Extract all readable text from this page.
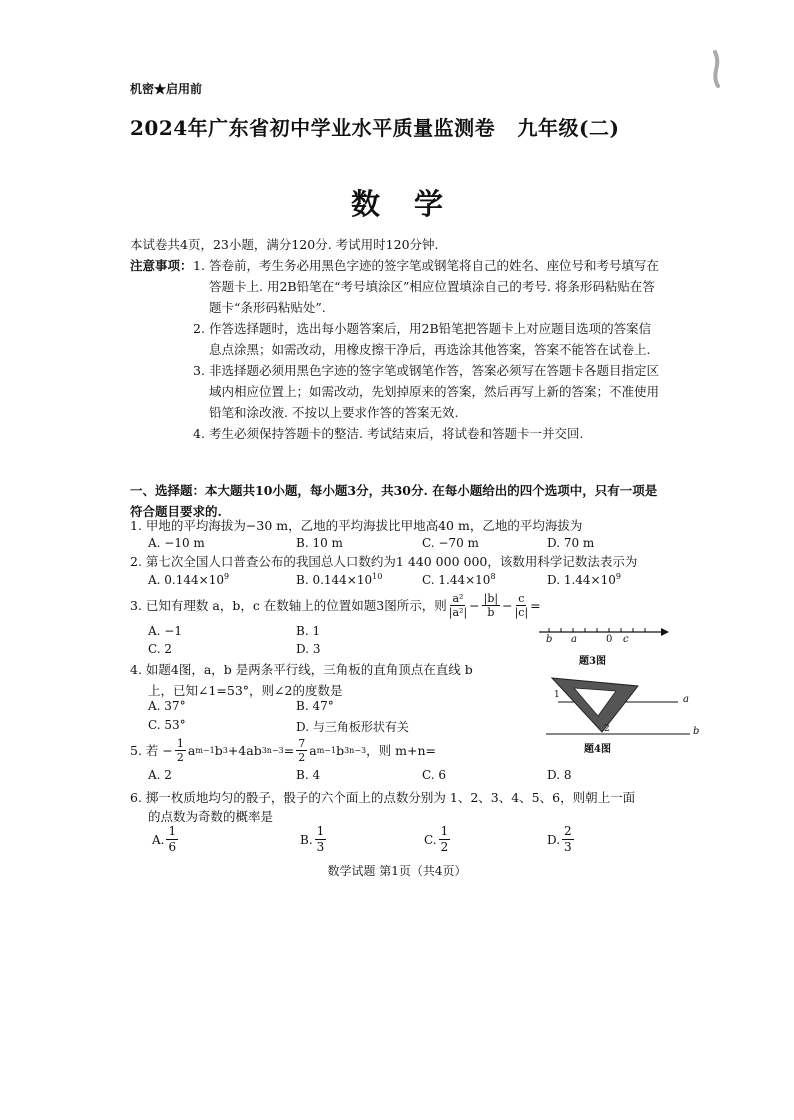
机密★启用前
2024年广东省初中学业水平质量监测卷   九年级(二)
数学
本试卷共4页，23小题，满分120分. 考试用时120分钟.
注意事项： 1. 答卷前，考生务必用黑色字迹的签字笔或钢笔将自己的姓名、座位号和考号填写在答题卡上. 用2B铅笔在“考号填涂区”相应位置填涂自己的考号. 将条形码粘贴在答题卡“条形码粘贴处”.
2. 作答选择题时，选出每小题答案后，用2B铅笔把答题卡上对应题目选项的答案信息点涂黑；如需改动，用橡皮擦干净后，再选涂其他答案，答案不能答在试卷上.
3. 非选择题必须用黑色字迹的签字笔或钢笔作答，答案必须写在答题卡各题目指定区域内相应位置上；如需改动，先划掉原来的答案，然后再写上新的答案；不准使用铅笔和涂改液. 不按以上要求作答的答案无效.
4. 考生必须保持答题卡的整洁. 考试结束后，将试卷和答题卡一并交回.
一、选择题：本大题共10小题，每小题3分，共30分. 在每小题给出的四个选项中，只有一项是符合题目要求的.
1. 甲地的平均海拔为−30 m，乙地的平均海拔比甲地高40 m，乙地的平均海拔为
A. −10 m	B. 10 m	C. −70 m	D. 70 m
2. 第七次全国人口普查公布的我国总人口数约为1 440 000 000，该数用科学记数法表示为
A. $0.144\times 10^9$	B. $0.144\times 10^{10}$	C. $1.44\times 10^8$	D. $1.44\times 10^9$
3. 已知有理数 a，b，c 在数轴上的位置如题3图所示，则 $\frac{\text{a²}}{\text{|a²|}} - \frac{|b|}{b} - \frac{c}{|c|}$ =
A. −1	B. 1
C. 2	D. 3
b a	0 c
题3图
4. 如题4图，a，b 是两条平行线，三角板的直角顶点在直线 b
上，已知∠1=53°，则∠2的度数是
A. 37°	B. 47°
C. 53°	D. 与三角板形状有关
1
2
a
b
题4图
5. 若 − $\frac{1}{2}$ a m−1 b 3 +4ab $3n-3 = \frac{7}{2}$ a m−1 b 3n−3 ，则 m+n=
A. 2	B. 4	C. 6	D. 8
6. 掷一枚质地均匀的骰子，骰子的六个面上的点数分别为 1、2、3、4、5、6，则朝上一面
的点数为奇数的概率是
A. $\frac{1}{6}$	B. $\frac{1}{3}$	C. $\frac{1}{2}$	D. $\frac{2}{3}$
数学试题 第1页（共4页）
